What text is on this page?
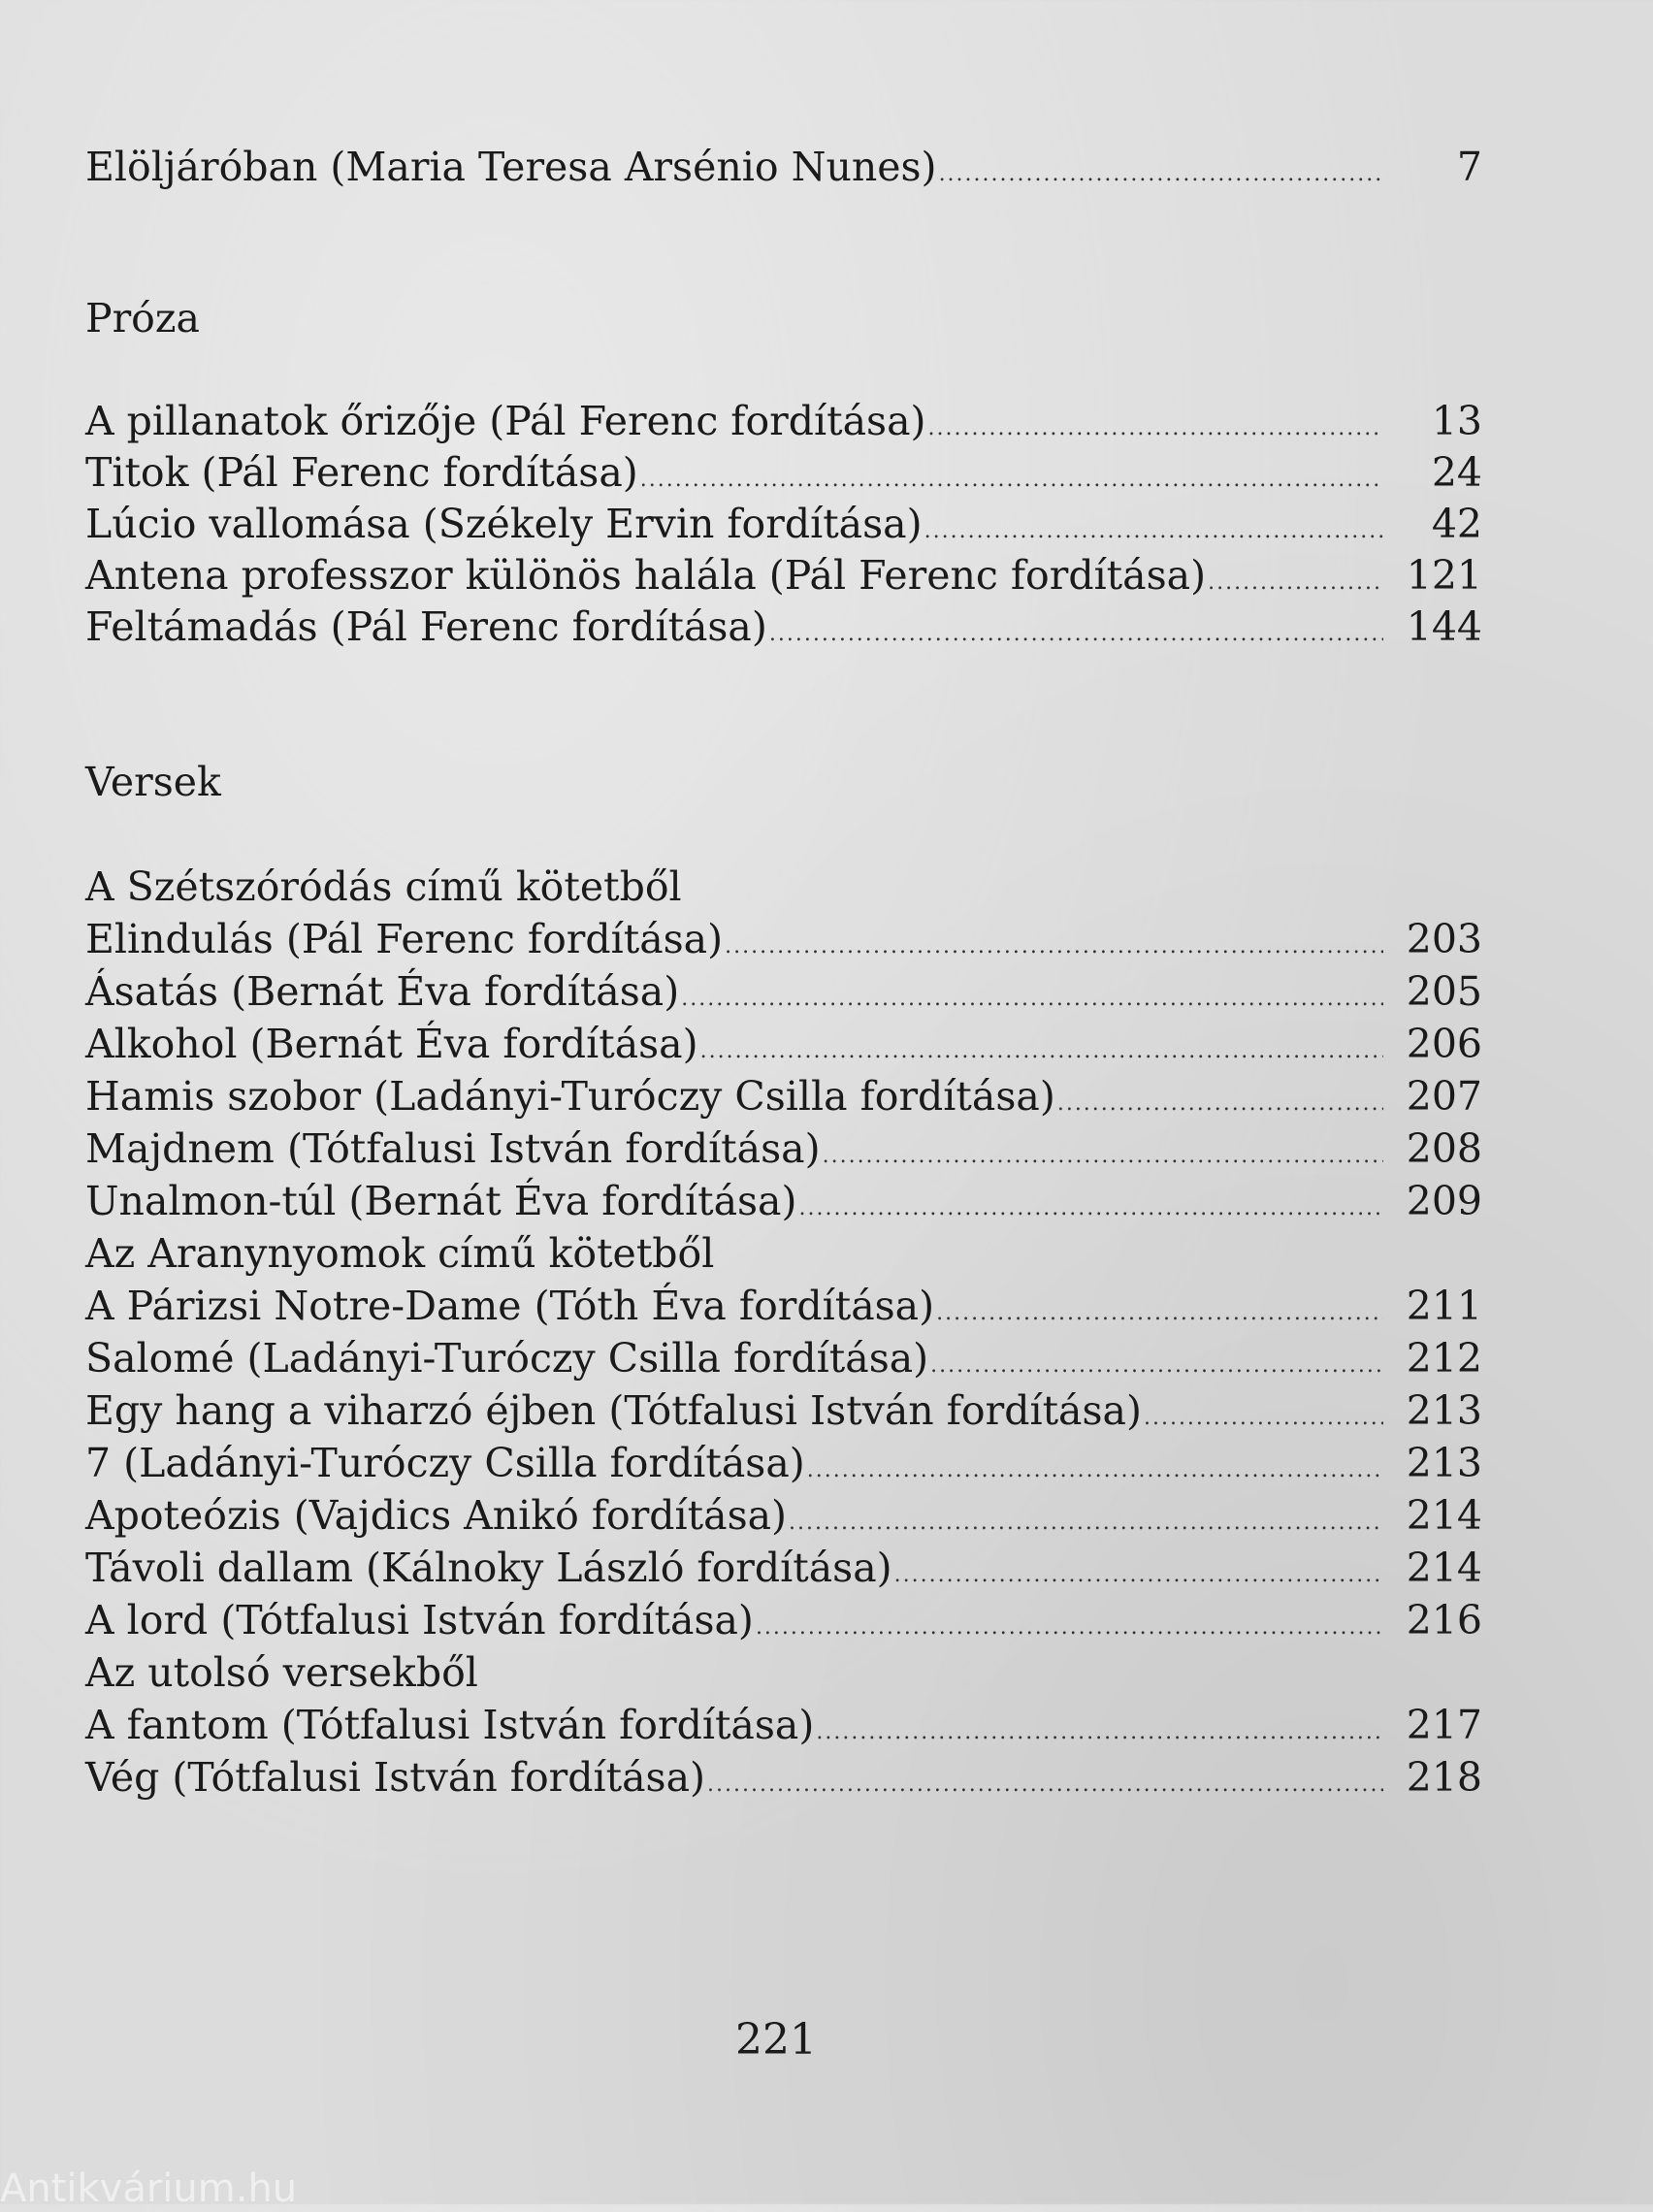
Elöljáróban (Maria Teresa Arsénio Nunes) .....	7
Próza
A pillanatok őrizője (Pál Ferenc fordítása) .....	13
Titok (Pál Ferenc fordítása) .....	24
Lúcio vallomása (Székely Ervin fordítása) .....	42
Antena professzor különös halála (Pál Ferenc fordítása) .....	121
Feltámadás (Pál Ferenc fordítása) .....	144
Versek
A Szétszóródás című kötetből
Elindulás (Pál Ferenc fordítása) .....	203
Ásatás (Bernát Éva fordítása) .....	205
Alkohol (Bernát Éva fordítása) .....	206
Hamis szobor (Ladányi-Turóczy Csilla fordítása) .....	207
Majdnem (Tótfalusi István fordítása) .....	208
Unalmon-túl (Bernát Éva fordítása) .....	209
Az Aranynyomok című kötetből
A Párizsi Notre-Dame (Tóth Éva fordítása) .....	211
Salomé (Ladányi-Turóczy Csilla fordítása) .....	212
Egy hang a viharzó éjben (Tótfalusi István fordítása) .....	213
7 (Ladányi-Turóczy Csilla fordítása) .....	213
Apoteózis (Vajdics Anikó fordítása) .....	214
Távoli dallam (Kálnoky László fordítása) .....	214
A lord (Tótfalusi István fordítása) .....	216
Az utolsó versekből
A fantom (Tótfalusi István fordítása) .....	217
Vég (Tótfalusi István fordítása) .....	218
221
Antikvárium.hu
